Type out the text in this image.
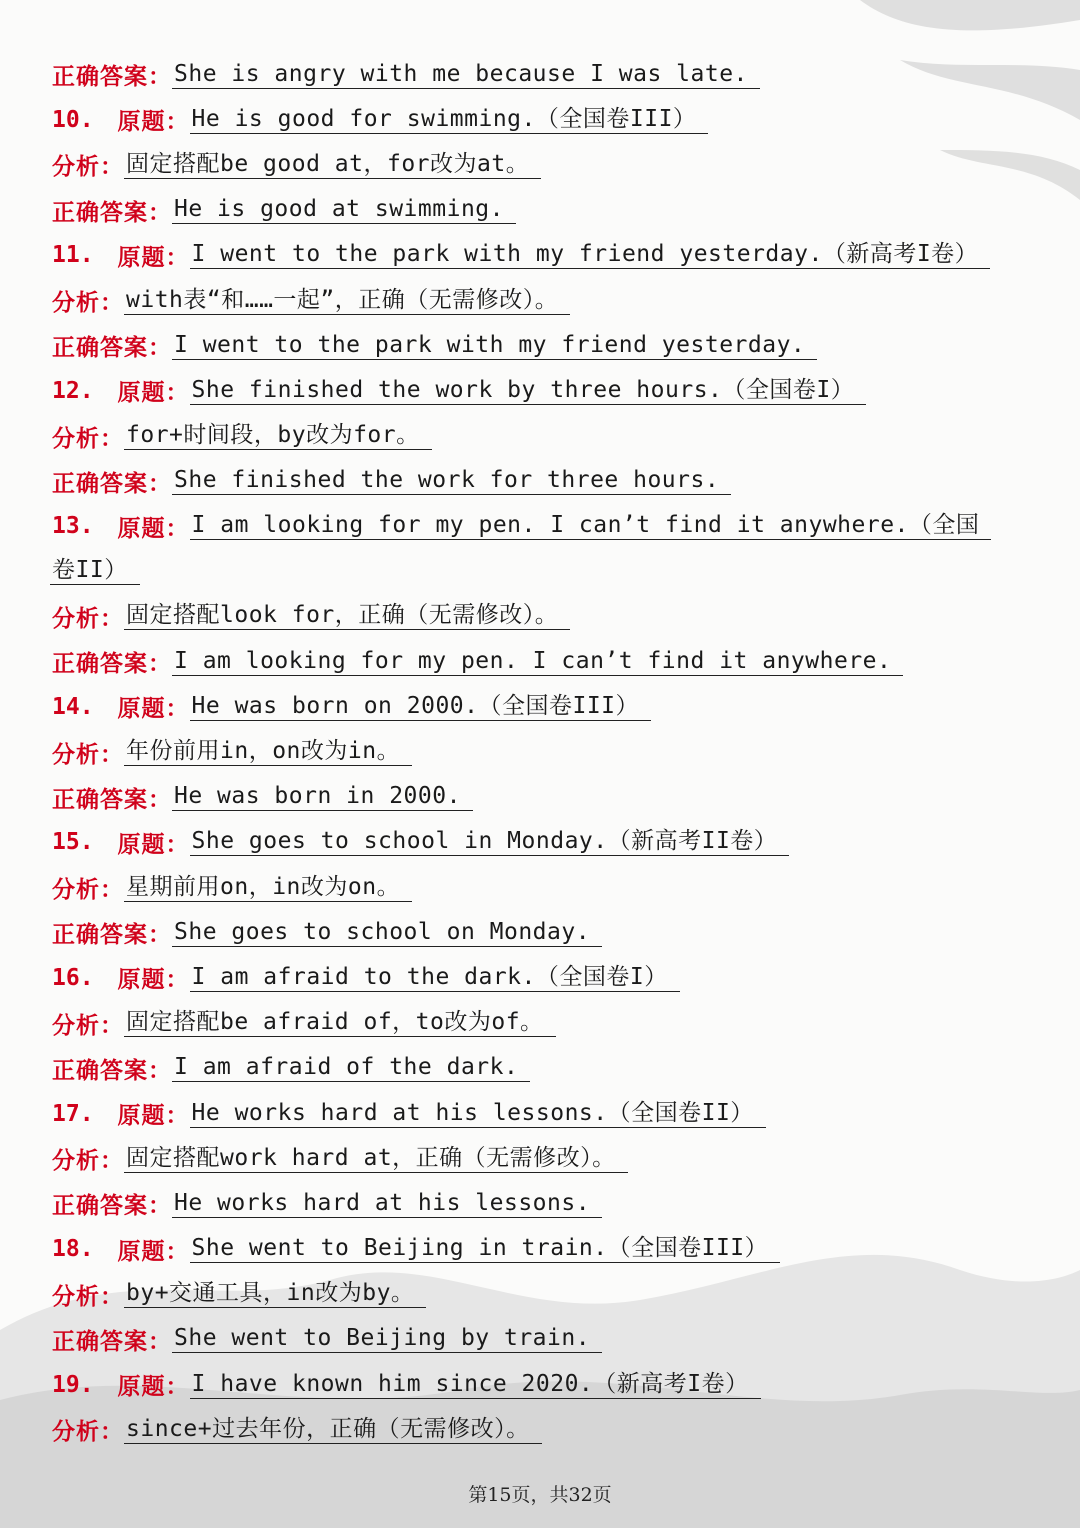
正确答案： She is angry with me because I was late.
10. 原题： He is good for swimming.（全国卷III）
分析： 固定搭配be good at，for改为at。
正确答案： He is good at swimming.
11. 原题： I went to the park with my friend yesterday.（新高考I卷）
分析： with表“和……一起”，正确（无需修改）。
正确答案： I went to the park with my friend yesterday.
12. 原题： She finished the work by three hours.（全国卷I）
分析： for+时间段，by改为for。
正确答案： She finished the work for three hours.
13. 原题： I am looking for my pen. I can’t find it anywhere.（全国
卷II）
分析： 固定搭配look for，正确（无需修改）。
正确答案： I am looking for my pen. I can’t find it anywhere.
14. 原题： He was born on 2000.（全国卷III）
分析： 年份前用in，on改为in。
正确答案： He was born in 2000.
15. 原题： She goes to school in Monday.（新高考II卷）
分析： 星期前用on，in改为on。
正确答案： She goes to school on Monday.
16. 原题： I am afraid to the dark.（全国卷I）
分析： 固定搭配be afraid of，to改为of。
正确答案： I am afraid of the dark.
17. 原题： He works hard at his lessons.（全国卷II）
分析： 固定搭配work hard at，正确（无需修改）。
正确答案： He works hard at his lessons.
18. 原题： She went to Beijing in train.（全国卷III）
分析： by+交通工具，in改为by。
正确答案： She went to Beijing by train.
19. 原题： I have known him since 2020.（新高考I卷）
分析： since+过去年份，正确（无需修改）。
第15页，共32页
